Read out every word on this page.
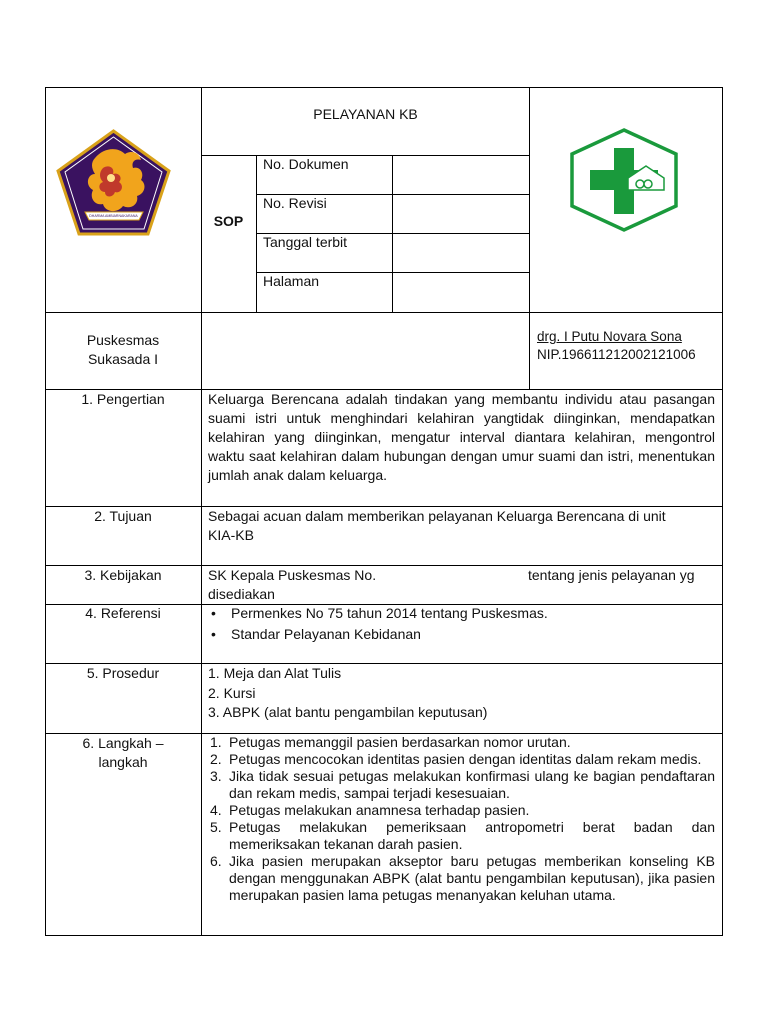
DHARMA AMBIARNAKARANA
PELAYANAN KB
SOP
No. Dokumen
No. Revisi
Tanggal terbit
Halaman
Puskesmas
Sukasada I
drg. I Putu Novara Sona
NIP.196611212002121006
1. Pengertian	Keluarga Berencana adalah tindakan yang membantu individu atau pasangan suami istri untuk menghindari kelahiran yangtidak diinginkan, mendapatkan kelahiran yang diinginkan, mengatur interval diantara kelahiran, mengontrol waktu saat kelahiran dalam hubungan dengan umur suami dan istri, menentukan jumlah anak dalam keluarga.
2. Tujuan	Sebagai acuan dalam memberikan pelayanan Keluarga Berencana di unit
KIA-KB
3. Kebijakan	SK Kepala Puskesmas No.	tentang jenis pelayanan yg
disediakan
4. Referensi
•	Permenkes No 75 tahun 2014 tentang Puskesmas.
• Standar Pelayanan Kebidanan
5. Prosedur	1. Meja dan Alat Tulis
2. Kursi
3. ABPK (alat bantu pengambilan keputusan)
6. Langkah –
langkah
1. Petugas memanggil pasien berdasarkan nomor urutan.
2. Petugas mencocokan identitas pasien dengan identitas dalam rekam medis.
3. Jika tidak sesuai petugas melakukan konfirmasi ulang ke bagian pendaftaran dan rekam medis, sampai terjadi kesesuaian.
4. Petugas melakukan anamnesa terhadap pasien.
5. Petugas melakukan pemeriksaan antropometri berat badan dan memeriksakan tekanan darah pasien.
6. Jika pasien merupakan akseptor baru petugas memberikan konseling KB dengan menggunakan ABPK (alat bantu pengambilan keputusan), jika pasien merupakan pasien lama petugas menanyakan keluhan utama.
